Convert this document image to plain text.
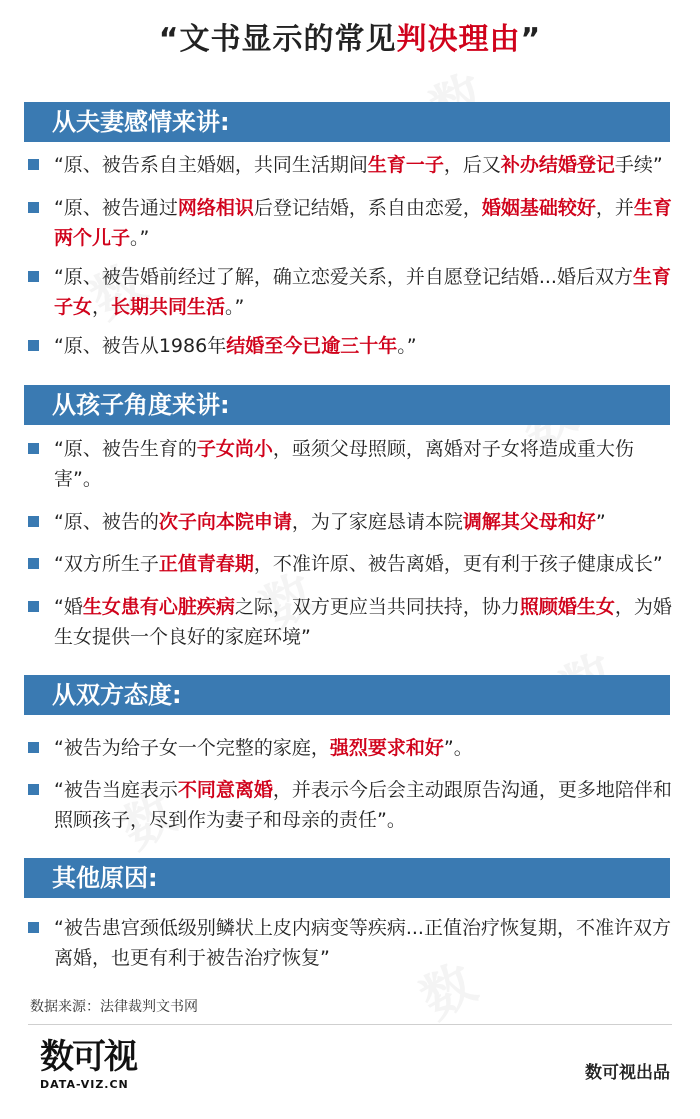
“文书显示的常见判决理由”
从夫妻感情来讲:
从孩子角度来讲:
从双方态度:
其他原因:
“原、被告系自主婚姻，共同生活期间生育一子，后又补办结婚登记手续”
“原、被告通过网络相识后登记结婚，系自由恋爱，婚姻基础较好，并生育两个儿子。”
“原、被告婚前经过了解，确立恋爱关系，并自愿登记结婚...婚后双方生育子女，长期共同生活。”
“原、被告从1986年结婚至今已逾三十年。”
“原、被告生育的子女尚小，亟须父母照顾，离婚对子女将造成重大伤害”。
“原、被告的次子向本院申请，为了家庭恳请本院调解其父母和好”
“双方所生子正值青春期，不准许原、被告离婚，更有利于孩子健康成长”
“婚生女患有心脏疾病之际，双方更应当共同扶持，协力照顾婚生女，为婚生女提供一个良好的家庭环境”
“被告为给子女一个完整的家庭，强烈要求和好”。
“被告当庭表示不同意离婚，并表示今后会主动跟原告沟通，更多地陪伴和照顾孩子，尽到作为妻子和母亲的责任”。
“被告患宫颈低级别鳞状上皮内病变等疾病...正值治疗恢复期，不准许双方离婚，也更有利于被告治疗恢复”
数据来源：法律裁判文书网
数可视
DATA-VIZ.CN
数可视出品
